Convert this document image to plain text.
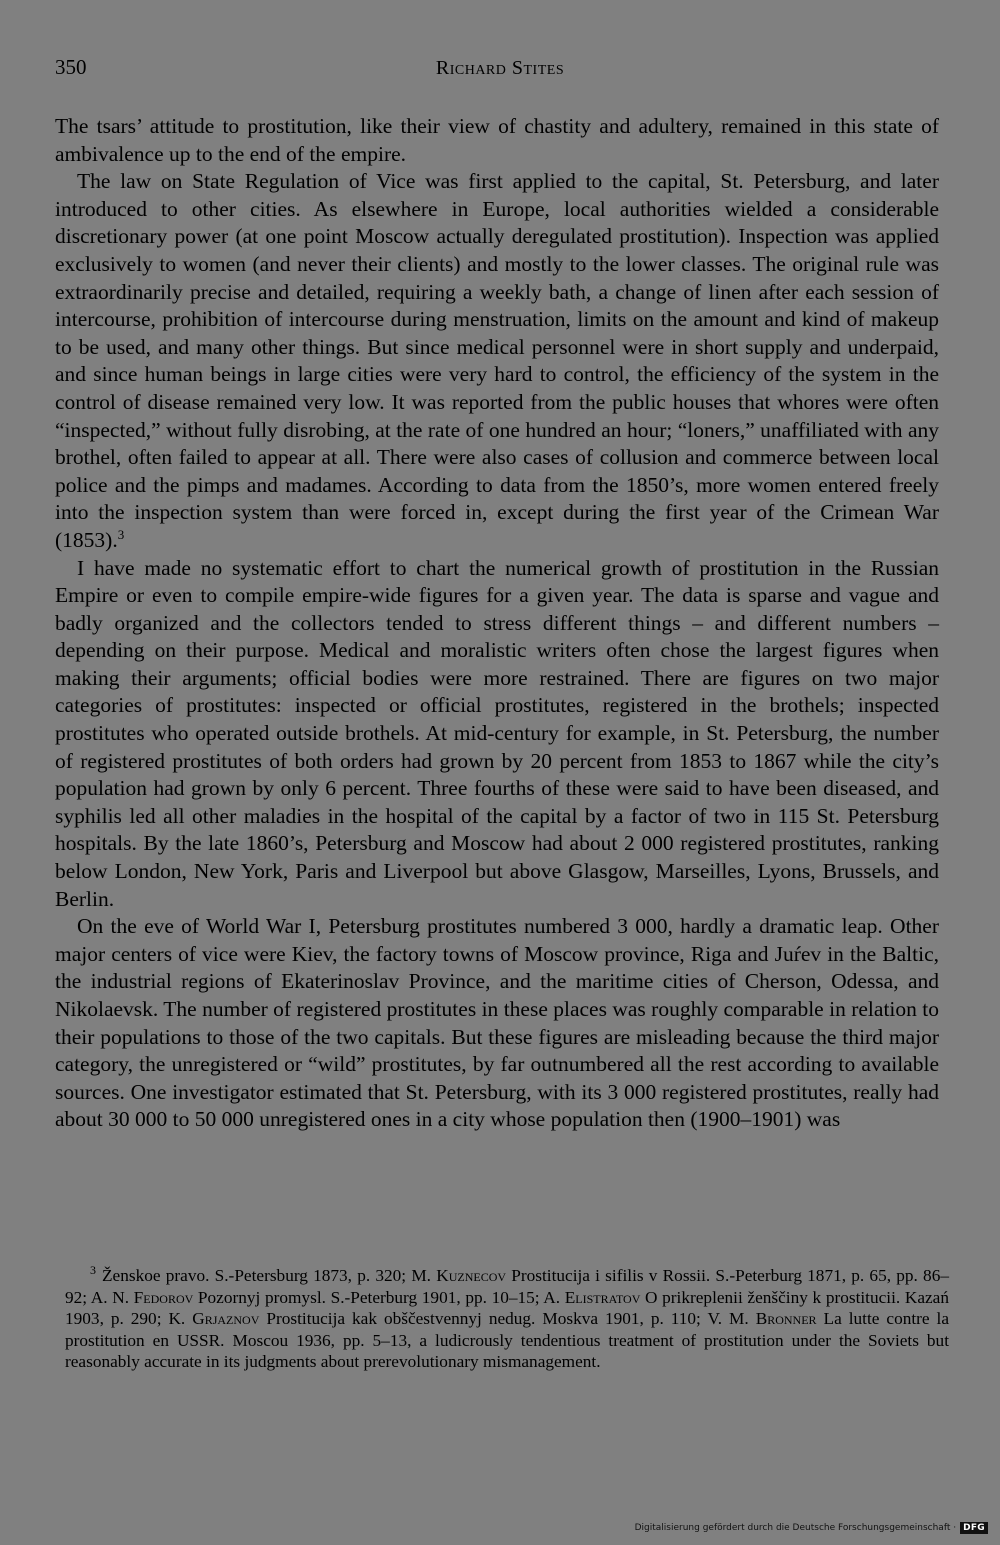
350	Richard Stites

The tsars’ attitude to prostitution, like their view of chastity and adultery, remained in this state of ambivalence up to the end of the empire.

The law on State Regulation of Vice was first applied to the capital, St. Petersburg, and later introduced to other cities. As elsewhere in Europe, local authorities wielded a considerable discretionary power (at one point Moscow actually deregulated prostitution). Inspection was applied exclusively to women (and never their clients) and mostly to the lower classes. The original rule was extraordinarily precise and detailed, requiring a weekly bath, a change of linen after each session of intercourse, prohibition of intercourse during menstruation, limits on the amount and kind of makeup to be used, and many other things. But since medical personnel were in short supply and underpaid, and since human beings in large cities were very hard to control, the efficiency of the system in the control of disease remained very low. It was reported from the public houses that whores were often “inspected,” without fully disrobing, at the rate of one hundred an hour; “loners,” unaffiliated with any brothel, often failed to appear at all. There were also cases of collusion and commerce between local police and the pimps and madames. According to data from the 1850’s, more women entered freely into the inspection system than were forced in, except during the first year of the Crimean War (1853).$^3$

I have made no systematic effort to chart the numerical growth of prostitution in the Russian Empire or even to compile empire-wide figures for a given year. The data is sparse and vague and badly organized and the collectors tended to stress different things – and different numbers – depending on their purpose. Medical and moralistic writers often chose the largest figures when making their arguments; official bodies were more restrained. There are figures on two major categories of prostitutes: inspected or official prostitutes, registered in the brothels; inspected prostitutes who operated outside brothels. At mid-century for example, in St. Petersburg, the number of registered prostitutes of both orders had grown by 20 percent from 1853 to 1867 while the city’s population had grown by only 6 percent. Three fourths of these were said to have been diseased, and syphilis led all other maladies in the hospital of the capital by a factor of two in 115 St. Petersburg hospitals. By the late 1860’s, Petersburg and Moscow had about 2 000 registered prostitutes, ranking below London, New York, Paris and Liverpool but above Glasgow, Marseilles, Lyons, Brussels, and Berlin.

On the eve of World War I, Petersburg prostitutes numbered 3 000, hardly a dramatic leap. Other major centers of vice were Kiev, the factory towns of Moscow province, Riga and Juŕev in the Baltic, the industrial regions of Ekaterinoslav Province, and the maritime cities of Cherson, Odessa, and Nikolaevsk. The number of registered prostitutes in these places was roughly comparable in relation to their populations to those of the two capitals. But these figures are misleading because the third major category, the unregistered or “wild” prostitutes, by far outnumbered all the rest according to available sources. One investigator estimated that St. Petersburg, with its 3 000 registered prostitutes, really had about 30 000 to 50 000 unregistered ones in a city whose population then (1900–1901) was

$^3$ Ženskoe pravo. S.-Petersburg 1873, p. 320; M. Kuznecov Prostitucija i sifilis v Rossii. S.-Peterburg 1871, p. 65, pp. 86–92; A. N. Fedorov Pozornyj promysl. S.-Peterburg 1901, pp. 10–15; A. Elistratov O prikreplenii ženščiny k prostitucii. Kazań 1903, p. 290; K. Grjaznov Prostitucija kak obščestvennyj nedug. Moskva 1901, p. 110; V. M. Bronner La lutte contre la prostitution en USSR. Moscou 1936, pp. 5–13, a ludicrously tendentious treatment of prostitution under the Soviets but reasonably accurate in its judgments about prerevolutionary mismanagement.
Digitalisierung gefördert durch die Deutsche Forschungsgemeinschaft · DFG
